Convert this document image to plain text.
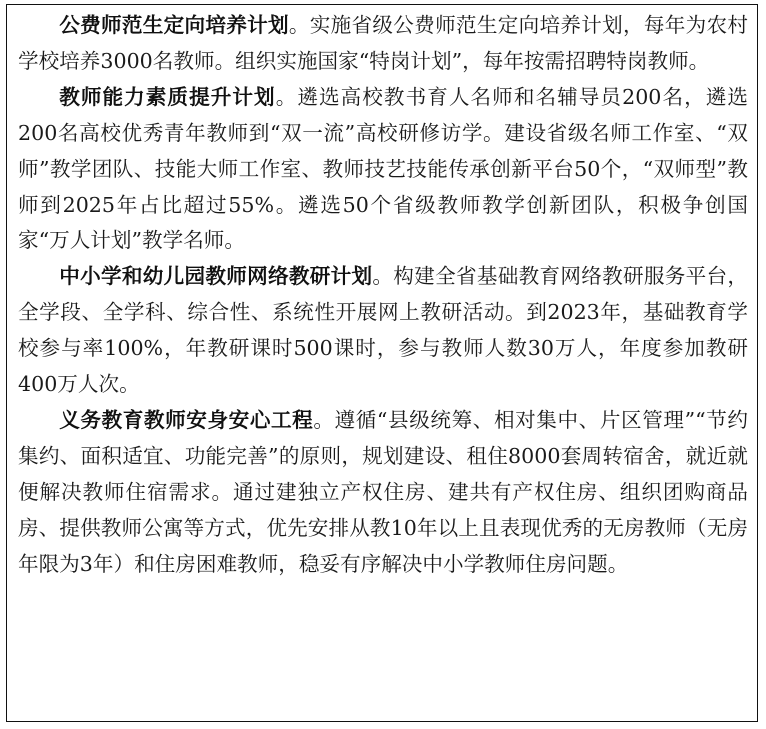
公费师范生定向培养计划。实施省级公费师范生定向培养计划，每年为农村学校培养3000名教师。组织实施国家“特岗计划”，每年按需招聘特岗教师。

教师能力素质提升计划。遴选高校教书育人名师和名辅导员200名，遴选200名高校优秀青年教师到“双一流”高校研修访学。建设省级名师工作室、“双师”教学团队、技能大师工作室、教师技艺技能传承创新平台50个，“双师型”教师到2025年占比超过55%。遴选50个省级教师教学创新团队，积极争创国家“万人计划”教学名师。

中小学和幼儿园教师网络教研计划。构建全省基础教育网络教研服务平台，全学段、全学科、综合性、系统性开展网上教研活动。到2023年，基础教育学校参与率100%，年教研课时500课时，参与教师人数30万人，年度参加教研400万人次。

义务教育教师安身安心工程。遵循“县级统筹、相对集中、片区管理”“节约集约、面积适宜、功能完善”的原则，规划建设、租住8000套周转宿舍，就近就便解决教师住宿需求。通过建独立产权住房、建共有产权住房、组织团购商品房、提供教师公寓等方式，优先安排从教10年以上且表现优秀的无房教师（无房年限为3年）和住房困难教师，稳妥有序解决中小学教师住房问题。
